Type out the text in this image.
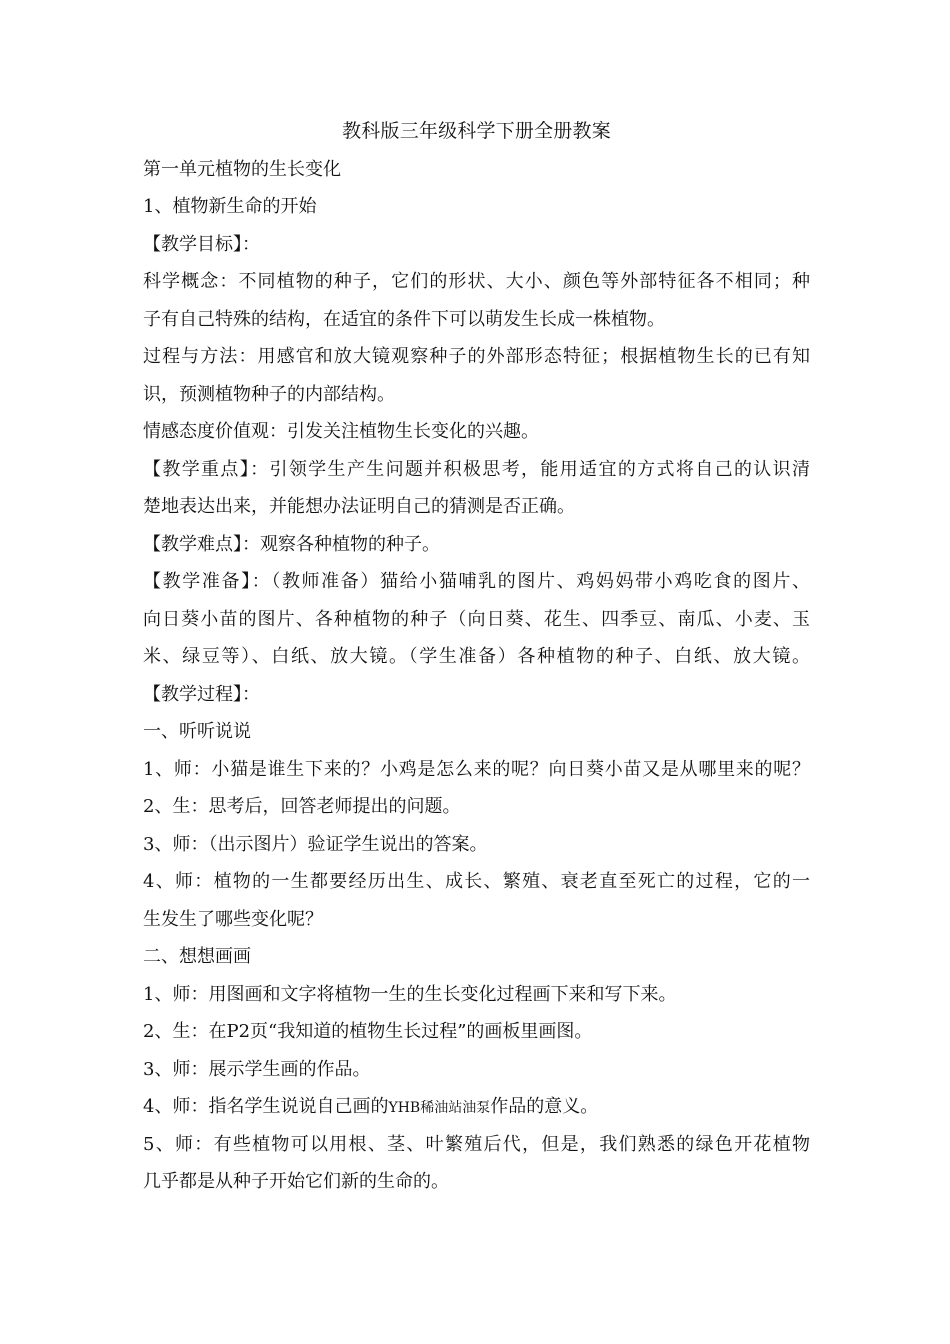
教科版三年级科学下册全册教案
第一单元植物的生长变化
1、植物新生命的开始
【教学目标】：
科学概念：不同植物的种子，它们的形状、大小、颜色等外部特征各不相同；种
子有自己特殊的结构，在适宜的条件下可以萌发生长成一株植物。
过程与方法：用感官和放大镜观察种子的外部形态特征；根据植物生长的已有知
识，预测植物种子的内部结构。
情感态度价值观：引发关注植物生长变化的兴趣。
【教学重点】：引领学生产生问题并积极思考，能用适宜的方式将自己的认识清
楚地表达出来，并能想办法证明自己的猜测是否正确。
【教学难点】：观察各种植物的种子。
【教学准备】：（教师准备）猫给小猫哺乳的图片、鸡妈妈带小鸡吃食的图片、
向日葵小苗的图片、各种植物的种子（向日葵、花生、四季豆、南瓜、小麦、玉
米、绿豆等）、白纸、放大镜。（学生准备）各种植物的种子、白纸、放大镜。
【教学过程】：
一、听听说说
1、师：小猫是谁生下来的？小鸡是怎么来的呢？向日葵小苗又是从哪里来的呢？
2、生：思考后，回答老师提出的问题。
3、师：（出示图片）验证学生说出的答案。
4、师：植物的一生都要经历出生、成长、繁殖、衰老直至死亡的过程，它的一
生发生了哪些变化呢？
二、想想画画
1、师：用图画和文字将植物一生的生长变化过程画下来和写下来。
2、生：在P2页“我知道的植物生长过程”的画板里画图。
3、师：展示学生画的作品。
4、师：指名学生说说自己画的YHB稀油站油泵作品的意义。
5、师：有些植物可以用根、茎、叶繁殖后代，但是，我们熟悉的绿色开花植物
几乎都是从种子开始它们新的生命的。
